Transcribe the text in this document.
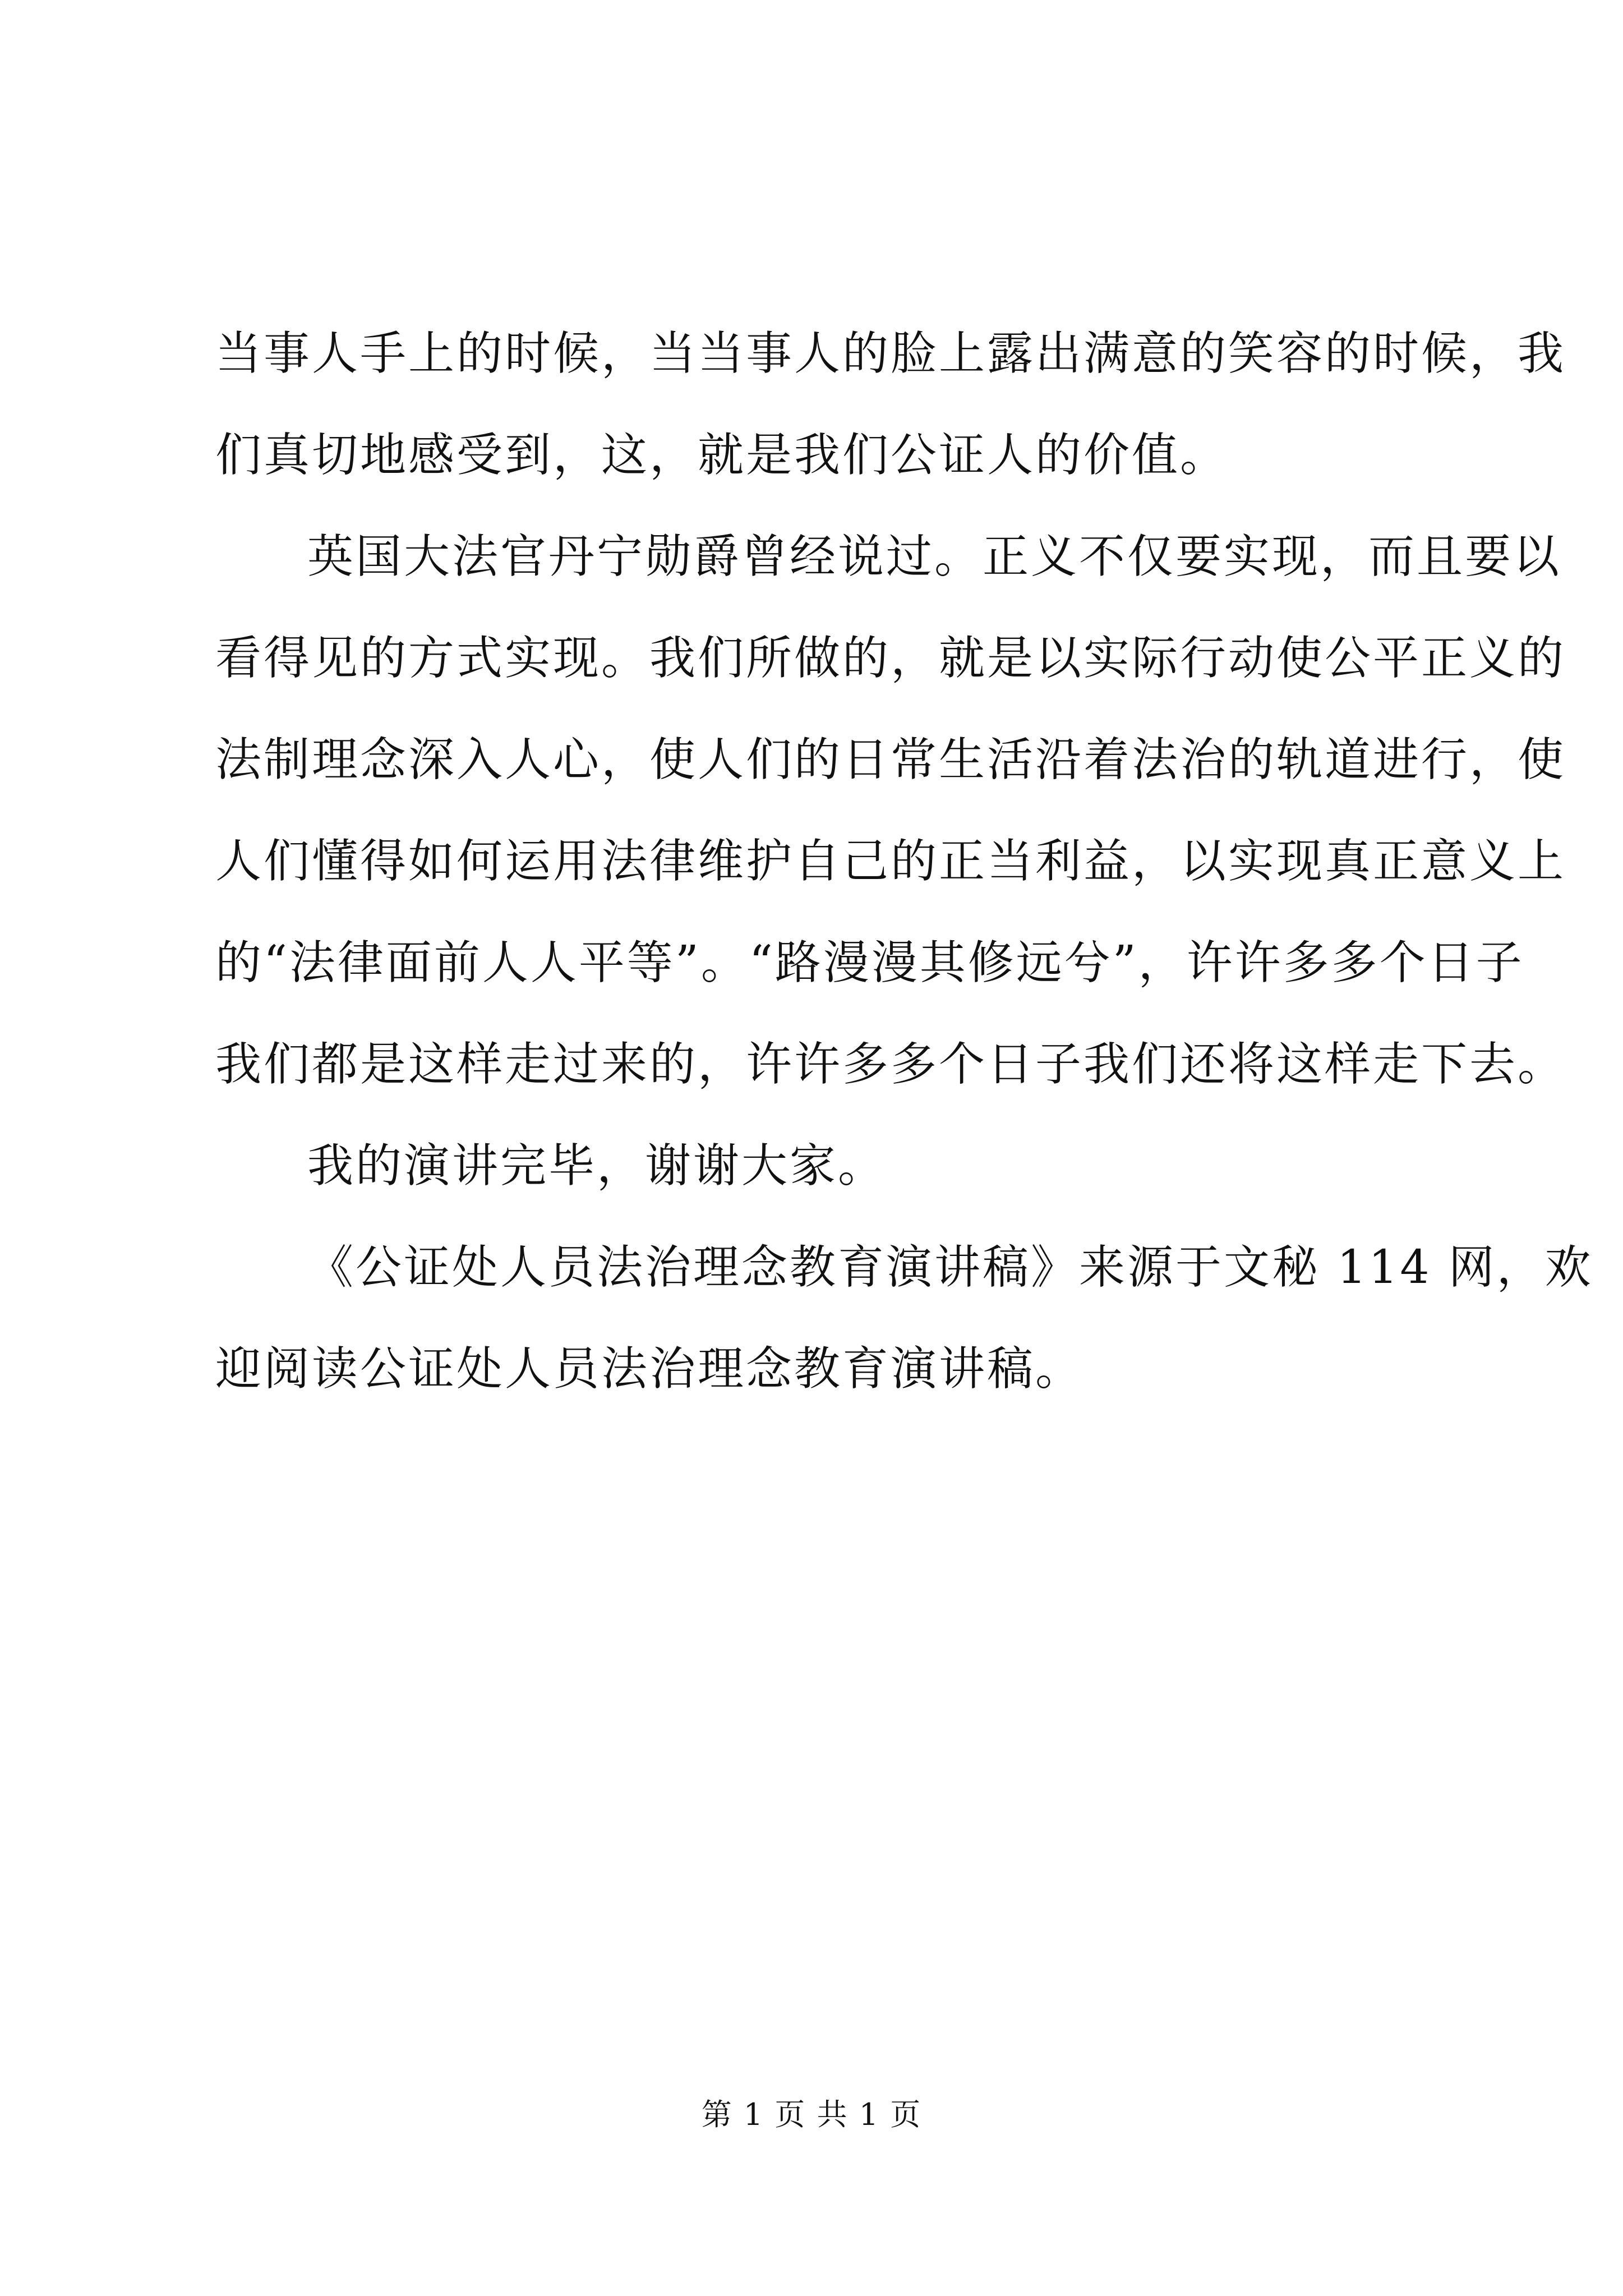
当事人手上的时候，当当事人的脸上露出满意的笑容的时候，我
们真切地感受到，这，就是我们公证人的价值。
英国大法官丹宁勋爵曾经说过。正义不仅要实现，而且要以
看得见的方式实现。我们所做的，就是以实际行动使公平正义的
法制理念深入人心，使人们的日常生活沿着法治的轨道进行，使
人们懂得如何运用法律维护自己的正当利益，以实现真正意义上
的“法律面前人人平等”。“路漫漫其修远兮”，许许多多个日子
我们都是这样走过来的，许许多多个日子我们还将这样走下去。
我的演讲完毕，谢谢大家。
《公证处人员法治理念教育演讲稿》来源于文秘 114 网，欢
迎阅读公证处人员法治理念教育演讲稿。
第 1 页 共 1 页
